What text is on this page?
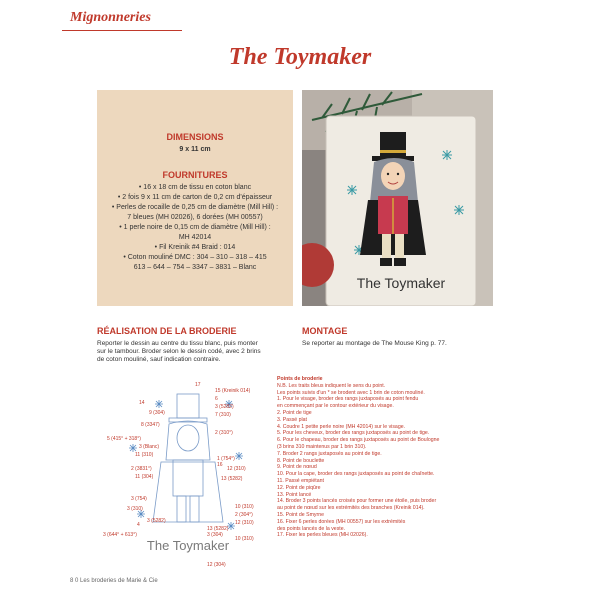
Mignonneries
The Toymaker
DIMENSIONS
9 x 11 cm
FOURNITURES
• 16 x 18 cm de tissu en coton blanc
• 2 fois 9 x 11 cm de carton de 0,2 cm d'épaisseur
• Perles de rocaille de 0,25 cm de diamètre (Mill Hill) :
7 bleues (MH 02026), 6 dorées (MH 00557)
• 1 perle noire de 0,15 cm de diamètre (Mill Hill) :
MH 42014
• Fil Kreinik #4 Braid : 014
• Coton mouliné DMC : 304 – 310 – 318 – 415
613 – 644 – 754 – 3347 – 3831 – Blanc
The Toymaker
RÉALISATION DE LA BRODERIE
Reporter le dessin au centre du tissu blanc, puis monter
sur le tambour. Broder selon le dessin codé, avec 2 brins
de coton mouliné, sauf indication contraire.
MONTAGE
Se reporter au montage de The Mouse King p. 77.
The Toymaker
17
15 (Kreinik 014)
14
6
9 (304)
3 (5282)
7 (310)
8 (3347)
2 (310°)
5 (415° + 318°)
3 (Blanc)
11 (310)
1 (754°)
16
12 (310)
2 (3831°)
11 (304)	13 (5282)
3 (754)
3 (310)
4
10 (310)
2 (304°)
3 (5282)	12 (310)
13 (5282)
3 (644° + 613°)	3 (304)
10 (310)
12 (304)
Points de broderie
N.B. Les traits bleus indiquent le sens du point.
Les points suivis d'un * se brodent avec 1 brin de coton mouliné.
1. Pour le visage, broder des rangs juxtaposés au point fendu
en commençant par le contour extérieur du visage.
2. Point de tige
3. Passé plat
4. Coudre 1 petite perle noire (MH 42014) sur le visage.
5. Pour les cheveux, broder des rangs juxtaposés au point de tige.
6. Pour le chapeau, broder des rangs juxtaposés au point de Boulogne
(3 brins 310 maintenus par 1 brin 310).
7. Broder 2 rangs juxtaposés au point de tige.
8. Point de bouclette
9. Point de nœud
10. Pour la cape, broder des rangs juxtaposés au point de chaînette.
11. Passé empiétant
12. Point de piqûre
13. Point lancé
14. Broder 3 points lancés croisés pour former une étoile, puis broder
au point de nœud sur les extrémités des branches (Kreinik 014).
15. Point de Smyrne
16. Fixer 6 perles dorées (MH 00557) sur les extrémités
des points lancés de la veste.
17. Fixer les perles bleues (MH 02026).
8 0 Les broderies de Marie & Cie
